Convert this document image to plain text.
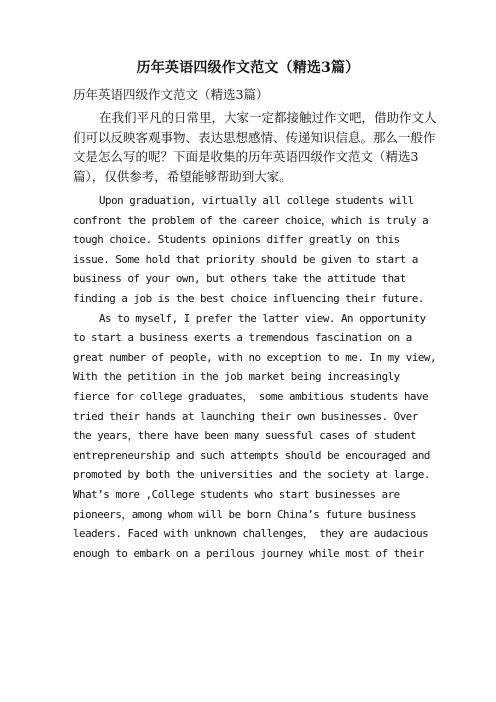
历年英语四级作文范文（精选3篇）
历年英语四级作文范文（精选3篇）
在我们平凡的日常里，大家一定都接触过作文吧，借助作文人
们可以反映客观事物、表达思想感情、传递知识信息。那么一般作
文是怎么写的呢？下面是收集的历年英语四级作文范文（精选3
篇），仅供参考，希望能够帮助到大家。
Upon graduation, virtually all college students will
confront the problem of the career choice，which is truly a
tough choice. Students opinions differ greatly on this
issue. Some hold that priority should be given to start a
business of your own, but others take the attitude that
finding a job is the best choice influencing their future.
As to myself, I prefer the latter view. An opportunity
to start a business exerts a tremendous fascination on a
great number of people, with no exception to me. In my view,
With the petition in the job market being increasingly
fierce for college graduates， some ambitious students have
tried their hands at launching their own businesses. Over
the years，there have been many suessful cases of student
entrepreneurship and such attempts should be encouraged and
promoted by both the universities and the society at large.
What’s more ,College students who start businesses are
pioneers，among whom will be born China’s future business
leaders. Faced with unknown challenges， they are audacious
enough to embark on a perilous journey while most of their
